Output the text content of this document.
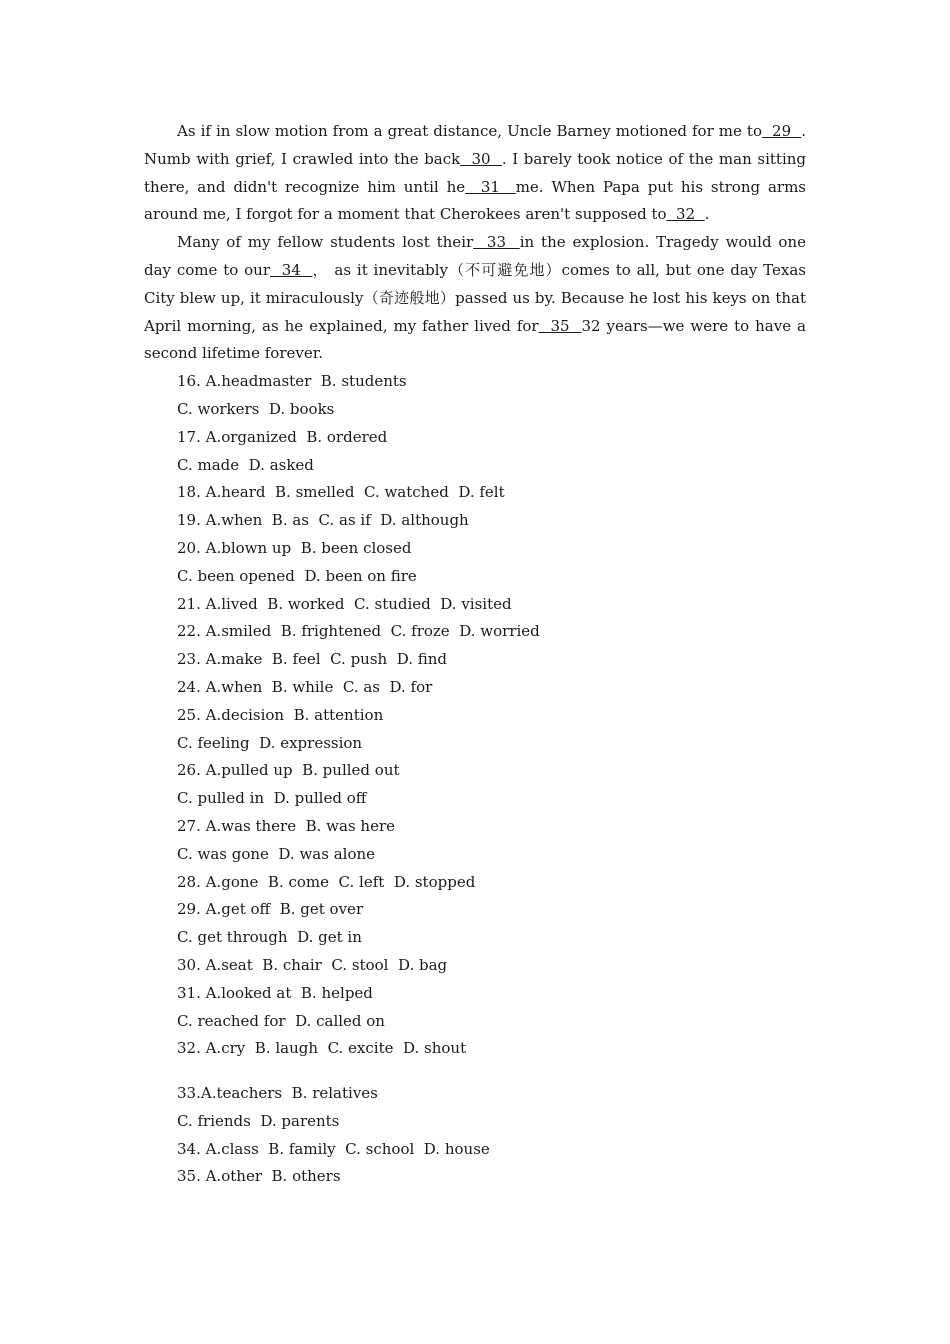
As if in slow motion from a great distance, Uncle Barney motioned for me to  29  . Numb with grief, I crawled into the back  30  . I barely took notice of the man sitting there, and didn't recognize him until he  31  me. When Papa put his strong arms around me, I forgot for a moment that Cherokees aren't supposed to  32  .

Many of my fellow students lost their  33  in the explosion. Tragedy would one day come to our  34  ， as it inevitably（不可避免地）comes to all, but one day Texas City blew up, it miraculously（奇迹般地）passed us by. Because he lost his keys on that April morning, as he explained, my father lived for  35  32 years—we were to have a second lifetime forever.

16. A.headmaster  B. students
C. workers  D. books
17. A.organized  B. ordered
C. made  D. asked
18. A.heard  B. smelled  C. watched  D. felt
19. A.when  B. as  C. as if  D. although
20. A.blown up  B. been closed
C. been opened  D. been on fire
21. A.lived  B. worked  C. studied  D. visited
22. A.smiled  B. frightened  C. froze  D. worried
23. A.make  B. feel  C. push  D. find
24. A.when  B. while  C. as  D. for
25. A.decision  B. attention
C. feeling  D. expression
26. A.pulled up  B. pulled out
C. pulled in  D. pulled off
27. A.was there  B. was here
C. was gone  D. was alone
28. A.gone  B. come  C. left  D. stopped
29. A.get off  B. get over
C. get through  D. get in
30. A.seat  B. chair  C. stool  D. bag
31. A.looked at  B. helped
C. reached for  D. called on
32. A.cry  B. laugh  C. excite  D. shout
33.A.teachers  B. relatives
C. friends  D. parents
34. A.class  B. family  C. school  D. house
35. A.other  B. others
